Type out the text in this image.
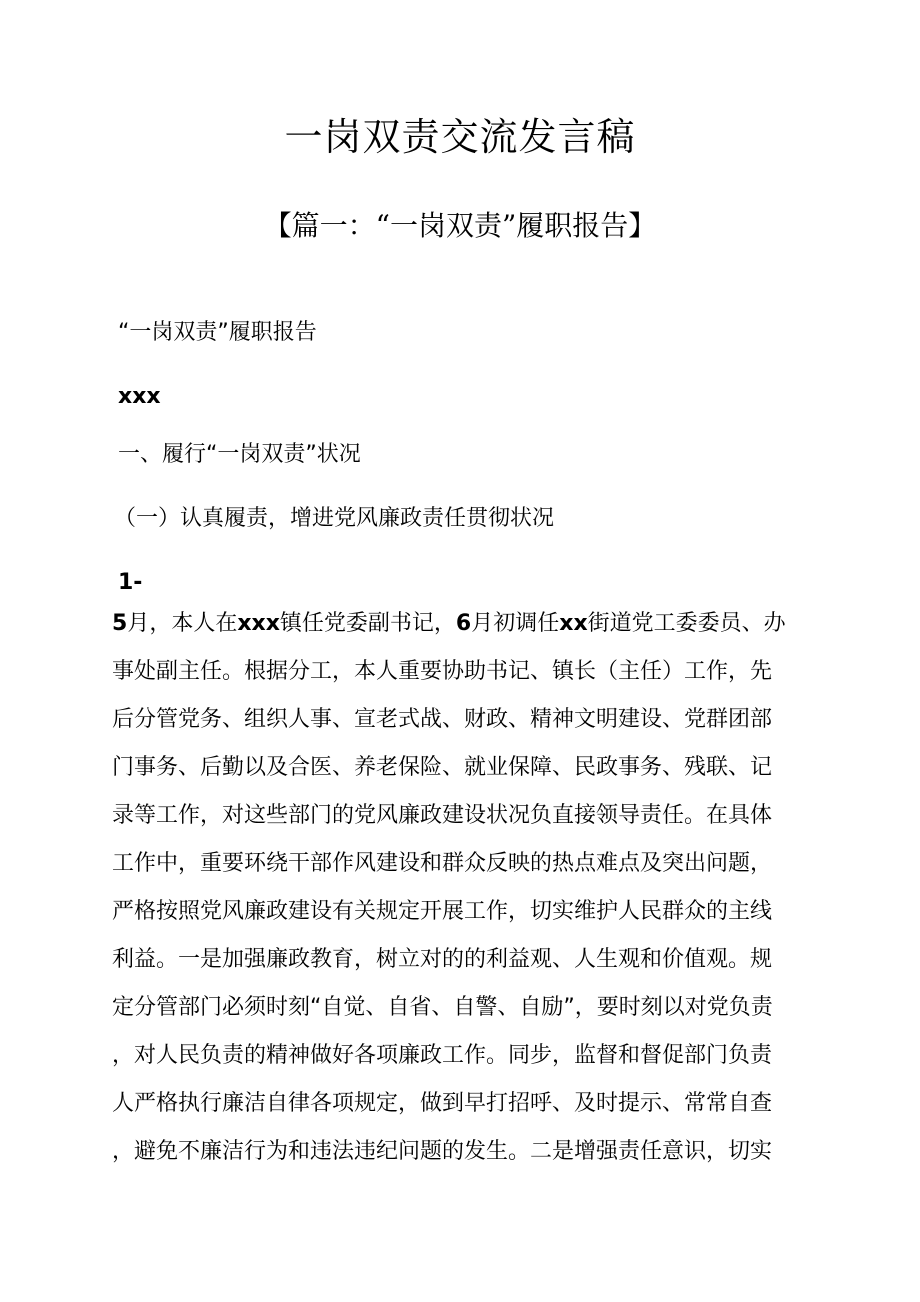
一岗双责交流发言稿
【篇一：“一岗双责”履职报告】
“一岗双责”履职报告
xxx
一、履行“一岗双责”状况
（一）认真履责，增进党风廉政责任贯彻状况
1-
5月，本人在xxx镇任党委副书记，6月初调任xx街道党工委委员、办
事处副主任。根据分工，本人重要协助书记、镇长（主任）工作，先
后分管党务、组织人事、宣老式战、财政、精神文明建设、党群团部
门事务、后勤以及合医、养老保险、就业保障、民政事务、残联、记
录等工作，对这些部门的党风廉政建设状况负直接领导责任。在具体
工作中，重要环绕干部作风建设和群众反映的热点难点及突出问题，
严格按照党风廉政建设有关规定开展工作，切实维护人民群众的主线
利益。一是加强廉政教育，树立对的的利益观、人生观和价值观。规
定分管部门必须时刻“自觉、自省、自警、自励”，要时刻以对党负责
，对人民负责的精神做好各项廉政工作。同步，监督和督促部门负责
人严格执行廉洁自律各项规定，做到早打招呼、及时提示、常常自查
，避免不廉洁行为和违法违纪问题的发生。二是增强责任意识，切实
